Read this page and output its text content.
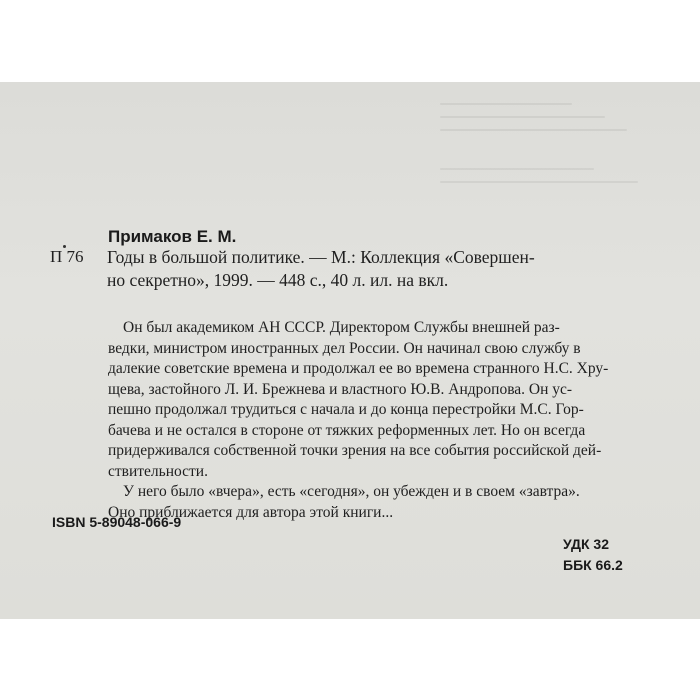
Примаков Е. М.
П 76 Годы в большой политике. — М.: Коллекция «Совершен-
но секретно», 1999. — 448 с., 40 л. ил. на вкл.
Он был академиком АН СССР. Директором Службы внешней раз-
ведки, министром иностранных дел России. Он начинал свою службу в
далекие советские времена и продолжал ее во времена странного Н.С. Хру-
щева, застойного Л. И. Брежнева и властного Ю.В. Андропова. Он ус-
пешно продолжал трудиться с начала и до конца перестройки М.С. Гор-
бачева и не остался в стороне от тяжких реформенных лет. Но он всегда
придерживался собственной точки зрения на все события российской дей-
ствительности.
У него было «вчера», есть «сегодня», он убежден и в своем «завтра».
Оно приближается для автора этой книги...
ISBN 5-89048-066-9
УДК 32
ББК 66.2
